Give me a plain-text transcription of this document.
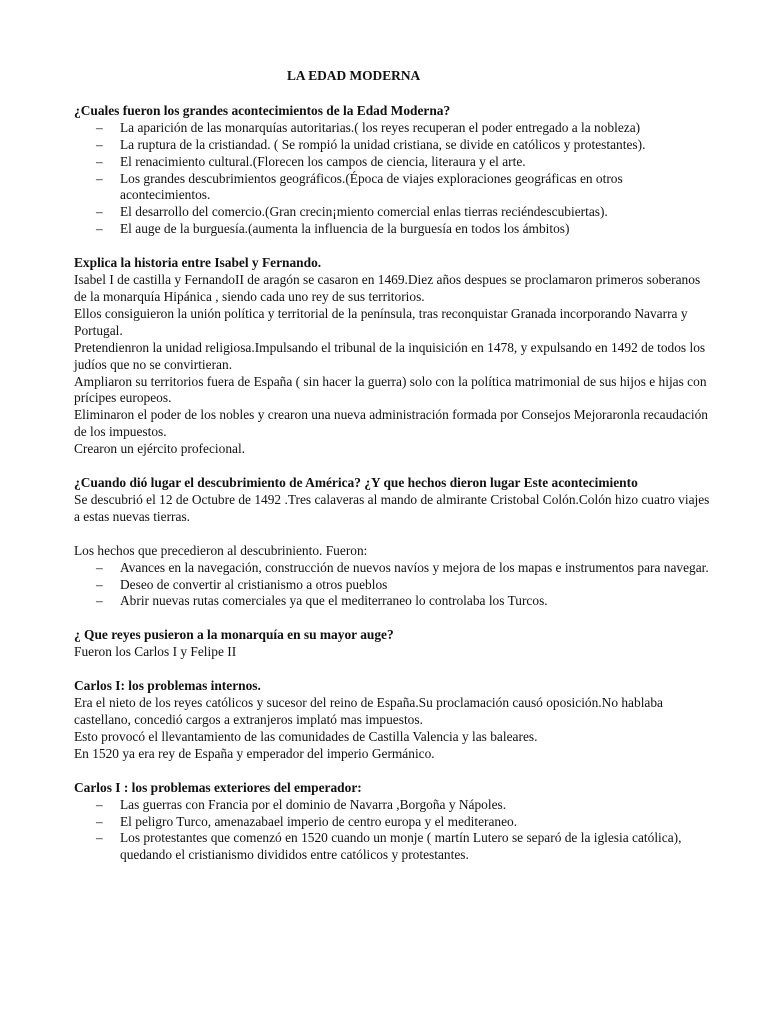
LA EDAD MODERNA

¿Cuales fueron los grandes acontecimientos de la Edad Moderna?

– La aparición de las monarquías autoritarias.( los reyes recuperan el poder entregado a la nobleza)
– La ruptura de la cristiandad. ( Se rompió la unidad cristiana, se divide en católicos y protestantes).
– El renacimiento cultural.(Florecen los campos de ciencia, literaura y el arte.
– Los grandes descubrimientos geográficos.(Época de viajes exploraciones geográficas en otros acontecimientos.
– El desarrollo del comercio.(Gran crecin¡miento comercial enlas tierras reciéndescubiertas).
– El auge de la burguesía.(aumenta la influencia de la burguesía en todos los ámbitos)

Explica la historia entre Isabel y Fernando.

Isabel I de castilla y FernandoII de aragón se casaron en 1469.Diez años despues se proclamaron primeros soberanos de la monarquía Hipánica , siendo cada uno rey de sus territorios.

Ellos consiguieron la unión política y territorial de la península, tras reconquistar Granada incorporando Navarra y Portugal.

Pretendienron la unidad religiosa.Impulsando el tribunal de la inquisición en 1478, y expulsando en 1492 de todos los judíos que no se convirtieran.

Ampliaron su territorios fuera de España ( sin hacer la guerra) solo con la política matrimonial de sus hijos e hijas con prícipes europeos.

Eliminaron el poder de los nobles y crearon una nueva administración formada por Consejos Mejoraronla recaudación de los impuestos.

Crearon un ejército profecional.

¿Cuando dió lugar el descubrimiento de América? ¿Y que hechos dieron lugar Este acontecimiento

Se descubrió el 12 de Octubre de 1492 .Tres calaveras al mando de almirante Cristobal Colón.Colón hizo cuatro viajes a estas nuevas tierras.

Los hechos que precedieron al descubriniento. Fueron:

– Avances en la navegación, construcción de nuevos navíos y mejora de los mapas e instrumentos para navegar.
– Deseo de convertir al cristianismo a otros pueblos
– Abrir nuevas rutas comerciales ya que el mediterraneo lo controlaba los Turcos.

¿ Que reyes pusieron a la monarquía en su mayor auge?

Fueron los Carlos I y Felipe II

Carlos I: los problemas internos.

Era el nieto de los reyes católicos y sucesor del reino de España.Su proclamación causó oposición.No hablaba castellano, concedió cargos a extranjeros implató mas impuestos.

Esto provocó el llevantamiento de las comunidades de Castilla Valencia y las baleares.

En 1520 ya era rey de España y emperador del imperio Germánico.

Carlos I : los problemas exteriores del emperador:

– Las guerras con Francia por el dominio de Navarra ,Borgoña y Nápoles.
– El peligro Turco, amenazabael imperio de centro europa y el mediteraneo.
– Los protestantes que comenzó en 1520 cuando un monje ( martín Lutero se separó de la iglesia católica), quedando el cristianismo divididos entre católicos y protestantes.
